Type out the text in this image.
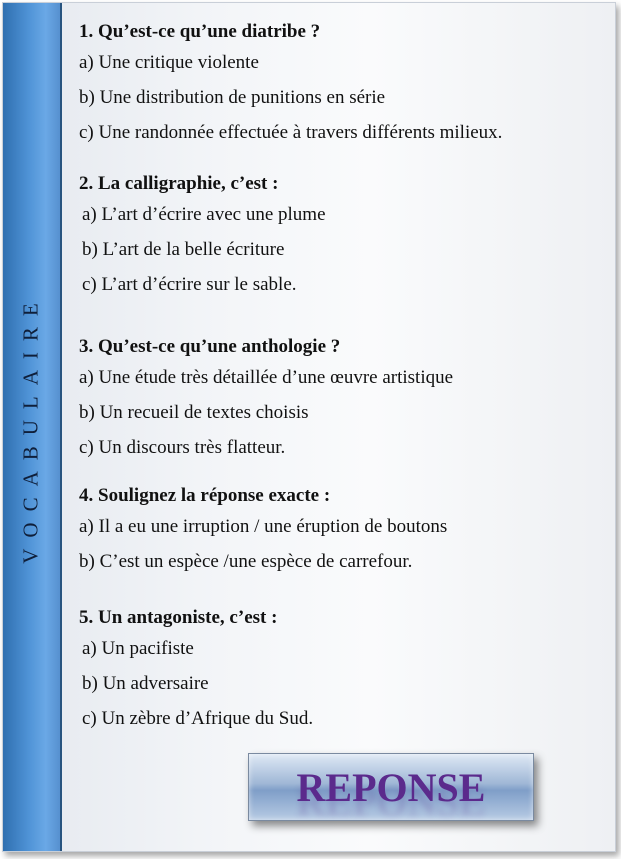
VOCABULAIRE
1. Qu’est-ce qu’une diatribe ?
a) Une critique violente
b) Une distribution de punitions en série
c) Une randonnée effectuée à travers différents milieux.
2. La calligraphie, c’est :
a) L’art d’écrire avec une plume
b) L’art de la belle écriture
c) L’art d’écrire sur le sable.
3. Qu’est-ce qu’une anthologie ?
a) Une étude très détaillée d’une œuvre artistique
b) Un recueil de textes choisis
c) Un discours très flatteur.
4. Soulignez la réponse exacte :
a) Il a eu une irruption / une éruption de boutons
b) C’est un espèce /une espèce de carrefour.
5. Un antagoniste, c’est :
a) Un pacifiste
b) Un adversaire
c) Un zèbre d’Afrique du Sud.
REPONSE
